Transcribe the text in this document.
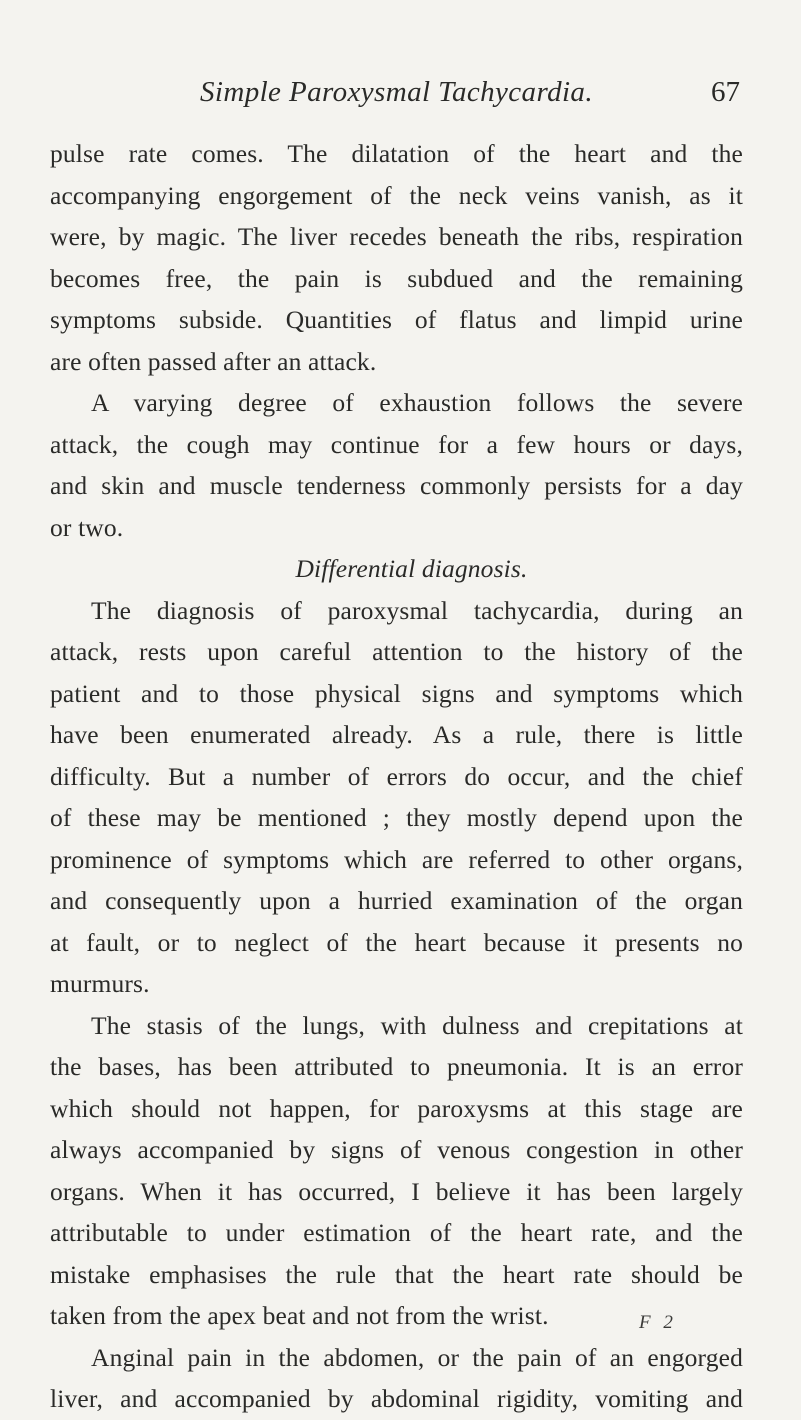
Simple Paroxysmal Tachycardia.	67
pulse rate comes. The dilatation of the heart and the
accompanying engorgement of the neck veins vanish, as it
were, by magic. The liver recedes beneath the ribs, respiration
becomes free, the pain is subdued and the remaining
symptoms subside. Quantities of flatus and limpid urine
are often passed after an attack.
A varying degree of exhaustion follows the severe
attack, the cough may continue for a few hours or days,
and skin and muscle tenderness commonly persists for a day
or two.
Differential diagnosis.
The diagnosis of paroxysmal tachycardia, during an
attack, rests upon careful attention to the history of the
patient and to those physical signs and symptoms which
have been enumerated already. As a rule, there is little
difficulty. But a number of errors do occur, and the chief
of these may be mentioned ; they mostly depend upon the
prominence of symptoms which are referred to other organs,
and consequently upon a hurried examination of the organ
at fault, or to neglect of the heart because it presents no
murmurs.
The stasis of the lungs, with dulness and crepitations at
the bases, has been attributed to pneumonia. It is an error
which should not happen, for paroxysms at this stage are
always accompanied by signs of venous congestion in other
organs. When it has occurred, I believe it has been largely
attributable to under estimation of the heart rate, and the
mistake emphasises the rule that the heart rate should be
taken from the apex beat and not from the wrist.
Anginal pain in the abdomen, or the pain of an engorged
liver, and accompanied by abdominal rigidity, vomiting and
F 2
